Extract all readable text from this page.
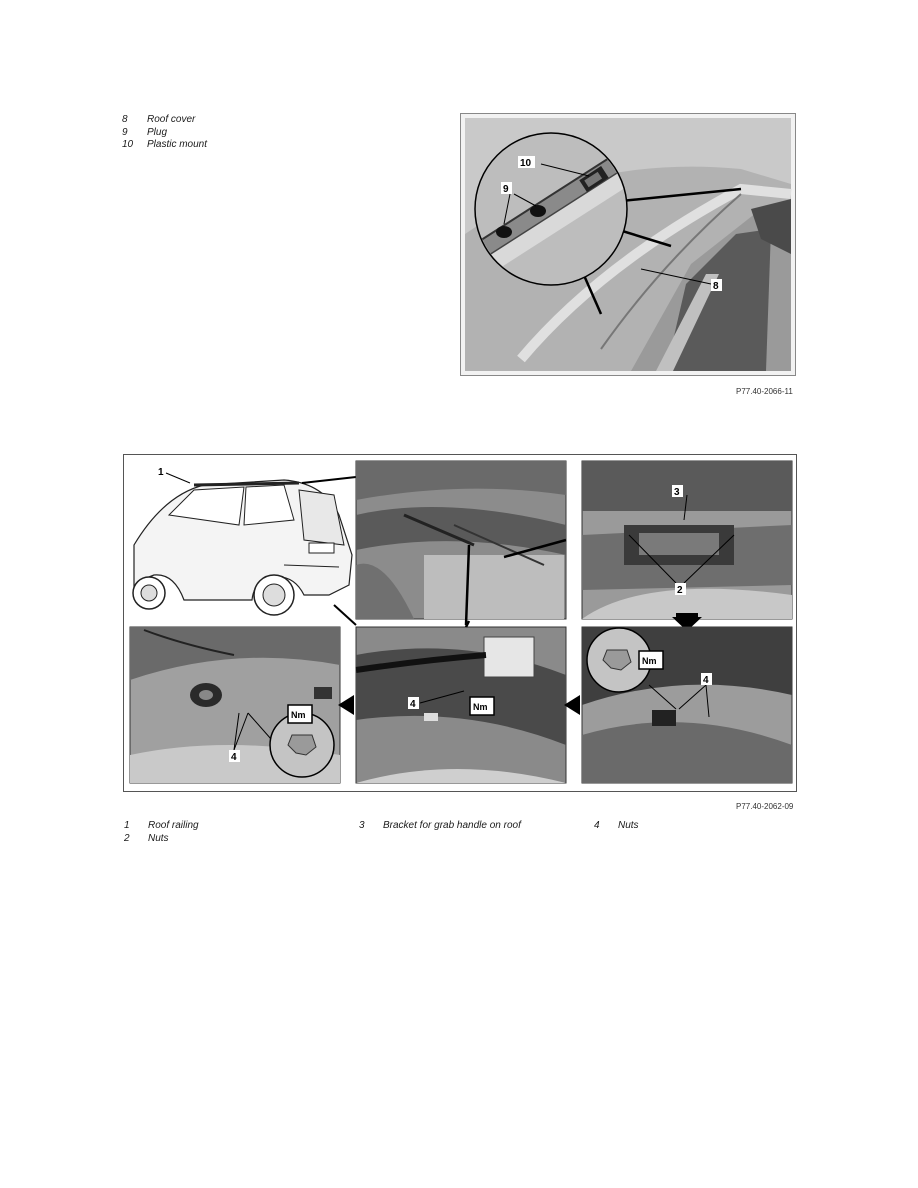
8 Roof cover
9 Plug
10 Plastic mount
10
9
8
P77.40-2066-11
1
3
2
4
Nm
4	Nm
4
Nm
P77.40-2062-09
1 Roof railing	3 Bracket for grab handle on roof	4 Nuts
2 Nuts
